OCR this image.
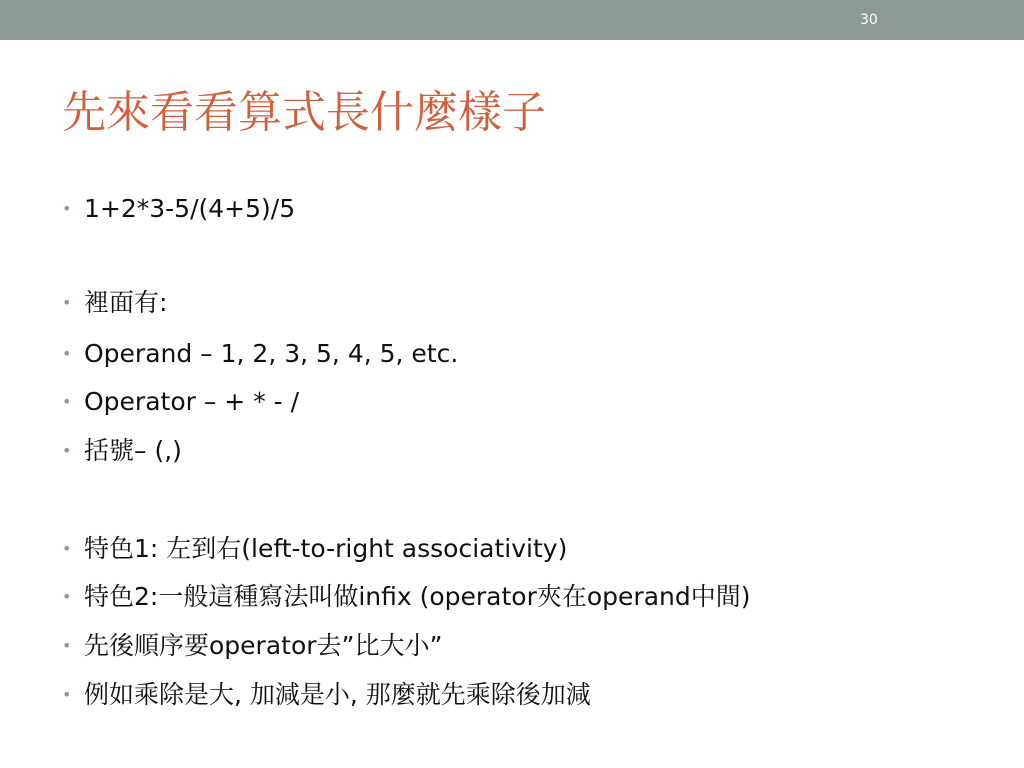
30
先來看看算式長什麼樣子
• 1+2*3-5/(4+5)/5
• 裡面有:
• Operand – 1, 2, 3, 5, 4, 5, etc.
• Operator – + * - /
• 括號– (,)
• 特色1: 左到右(left-to-right associativity)
• 特色2:一般這種寫法叫做infix (operator夾在operand中間)
• 先後順序要operator去”比大小”
• 例如乘除是大, 加減是小, 那麼就先乘除後加減
